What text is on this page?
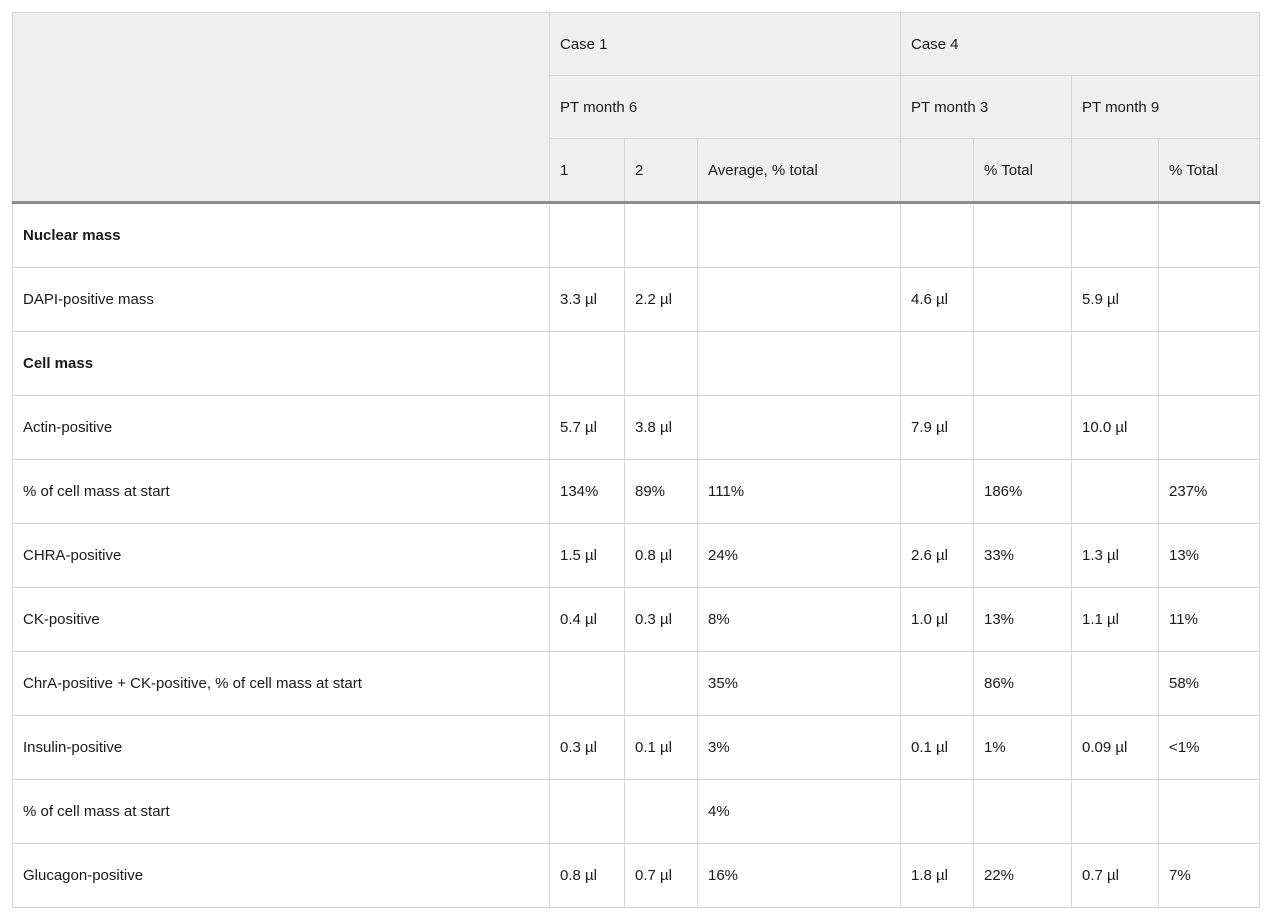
	Case 1			Case 4			
	PT month 6			PT month 3		PT month 9	
	1	2	Average, % total		% Total		% Total
Nuclear mass							
DAPI-positive mass	3.3 µl	2.2 µl		4.6 µl		5.9 µl	
Cell mass							
Actin-positive	5.7 µl	3.8 µl		7.9 µl		10.0 µl	
% of cell mass at start	134%	89%	111%		186%		237%
CHRA-positive	1.5 µl	0.8 µl	24%	2.6 µl	33%	1.3 µl	13%
CK-positive	0.4 µl	0.3 µl	8%	1.0 µl	13%	1.1 µl	11%
ChrA-positive + CK-positive, % of cell mass at start			35%		86%		58%
Insulin-positive	0.3 µl	0.1 µl	3%	0.1 µl	1%	0.09 µl	<1%
% of cell mass at start			4%				
Glucagon-positive	0.8 µl	0.7 µl	16%	1.8 µl	22%	0.7 µl	7%
